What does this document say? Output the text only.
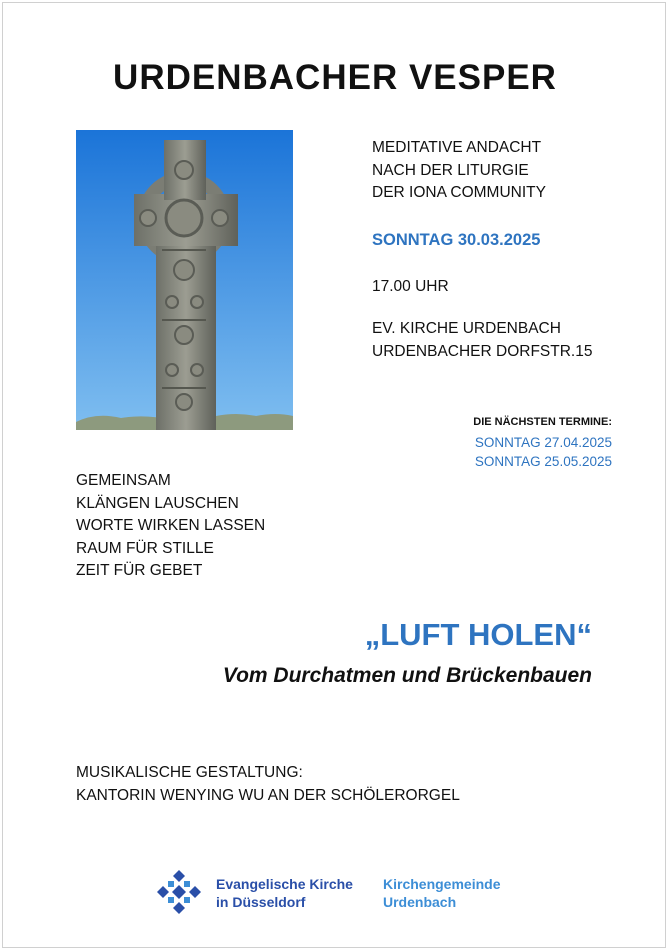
URDENBACHER VESPER
MEDITATIVE ANDACHT
NACH DER LITURGIE
DER IONA COMMUNITY

SONNTAG 30.03.2025

17.00 UHR

EV. KIRCHE URDENBACH
URDENBACHER DORFSTR.15

DIE NÄCHSTEN TERMINE:

SONNTAG 27.04.2025
SONNTAG 25.05.2025
GEMEINSAM
KLÄNGEN LAUSCHEN
WORTE WIRKEN LASSEN
RAUM FÜR STILLE
ZEIT FÜR GEBET

„LUFT HOLEN“

Vom Durchatmen und Brückenbauen

MUSIKALISCHE GESTALTUNG:
KANTORIN WENYING WU AN DER SCHÖLERORGEL
Evangelische Kirche
in Düsseldorf
Kirchengemeinde
Urdenbach
